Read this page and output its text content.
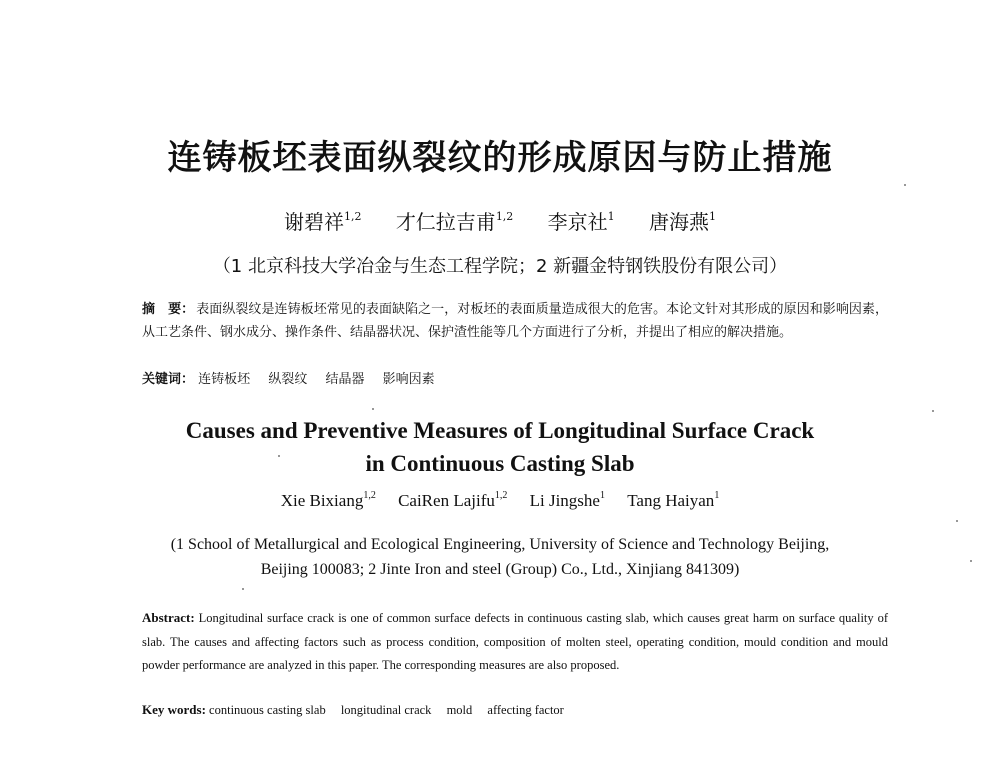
连铸板坯表面纵裂纹的形成原因与防止措施
谢碧祥$^{1,2}$ 才仁拉吉甫$^{1,2}$ 李京社$^1$ 唐海燕$^1$
（1 北京科技大学冶金与生态工程学院；2 新疆金特钢铁股份有限公司）
摘　要： 表面纵裂纹是连铸板坯常见的表面缺陷之一，对板坯的表面质量造成很大的危害。本论文针对其形成的原因和影响因素，从工艺条件、钢水成分、操作条件、结晶器状况、保护渣性能等几个方面进行了分析，并提出了相应的解决措施。
关键词： 连铸板坯 纵裂纹 结晶器 影响因素
Causes and Preventive Measures of Longitudinal Surface Crack
in Continuous Casting Slab
Xie Bixiang$^{1,2}$ CaiRen Lajifu$^{1,2}$ Li Jingshe$^1$ Tang Haiyan$^1$
(1 School of Metallurgical and Ecological Engineering, University of Science and Technology Beijing,
Beijing 100083; 2 Jinte Iron and steel (Group) Co., Ltd., Xinjiang 841309)
Abstract: Longitudinal surface crack is one of common surface defects in continuous casting slab, which causes great harm on surface quality of slab. The causes and affecting factors such as process condition, composition of molten steel, operating condition, mould condition and mould powder performance are analyzed in this paper. The corresponding measures are also proposed.
Key words: continuous casting slab longitudinal crack mold affecting factor
